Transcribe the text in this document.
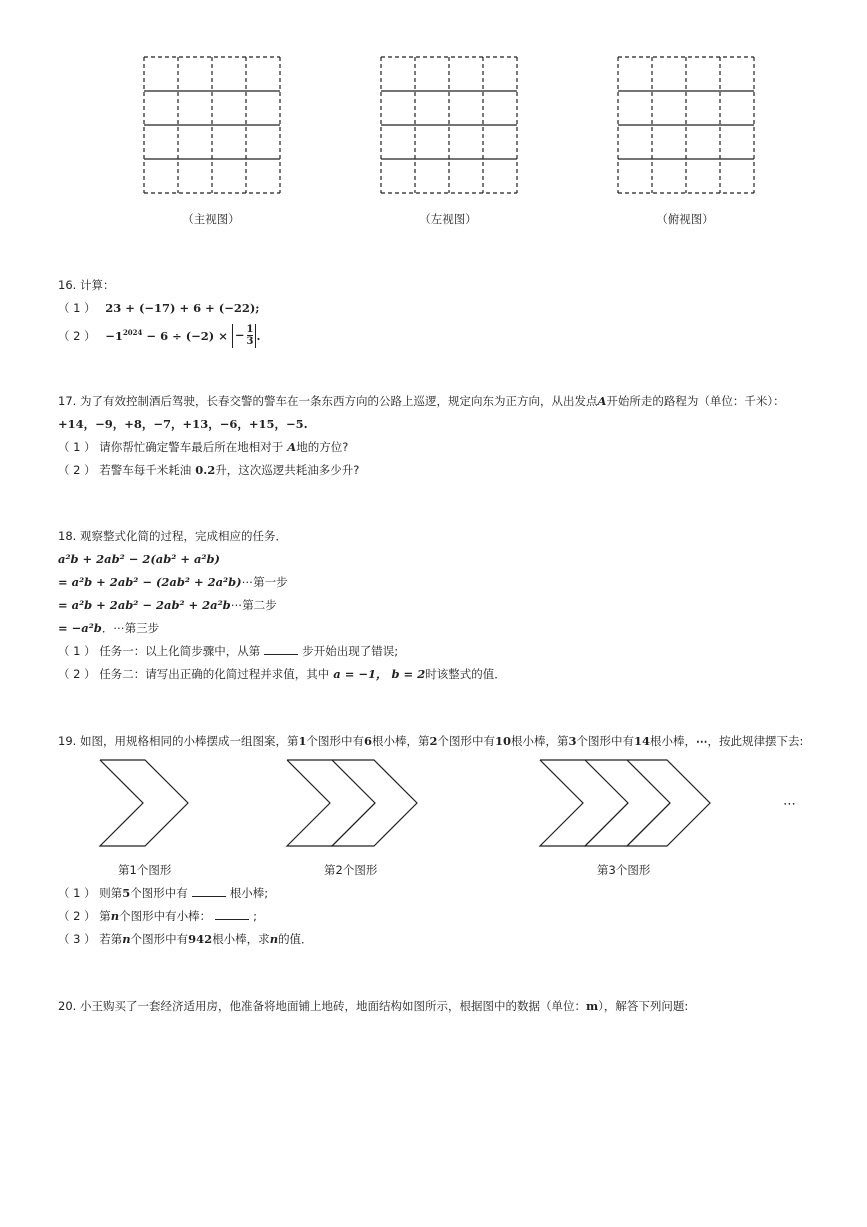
（主视图）	（左视图）	（俯视图）
16. 计算：
（ 1 ） 23 + (−17) + 6 + (−22);
（ 2 ） $-1^{2024} - 6 \div (-2)$ × − $\frac{1}{3}$ .
17. 为了有效控制酒后驾驶，长春交警的警车在一条东西方向的公路上巡逻，规定向东为正方向，从出发点A开始所走的路程为（单位：千米）：
+14，−9，+8，−7，+13，−6，+15，−5.
（ 1 ） 请你帮忙确定警车最后所在地相对于 A地的方位?
（ 2 ） 若警车每千米耗油 0.2升，这次巡逻共耗油多少升?
18. 观察整式化简的过程，完成相应的任务．
a²b + 2ab² − 2(ab² + a²b)
= a²b + 2ab² − (2ab² + 2a²b)⋯第一步
= a²b + 2ab² − 2ab² + 2a²b⋯第二步
= −a²b．⋯第三步
（ 1 ） 任务一：以上化简步骤中，从第	步开始出现了错误;
（ 2 ） 任务二：请写出正确的化简过程并求值，其中 a = −1， b = 2时该整式的值．
19. 如图，用规格相同的小棒摆成一组图案，第1个图形中有6根小棒，第2个图形中有10根小棒，第3个图形中有14根小棒，⋯，按此规律摆下去:
⋯
第1个图形	第2个图形	第3个图形
（ 1 ） 则第5个图形中有	根小棒;
（ 2 ） 第n个图形中有小棒：	;
（ 3 ） 若第n个图形中有942根小棒，求n的值．
20. 小王购买了一套经济适用房，他准备将地面铺上地砖，地面结构如图所示，根据图中的数据（单位：m），解答下列问题:
